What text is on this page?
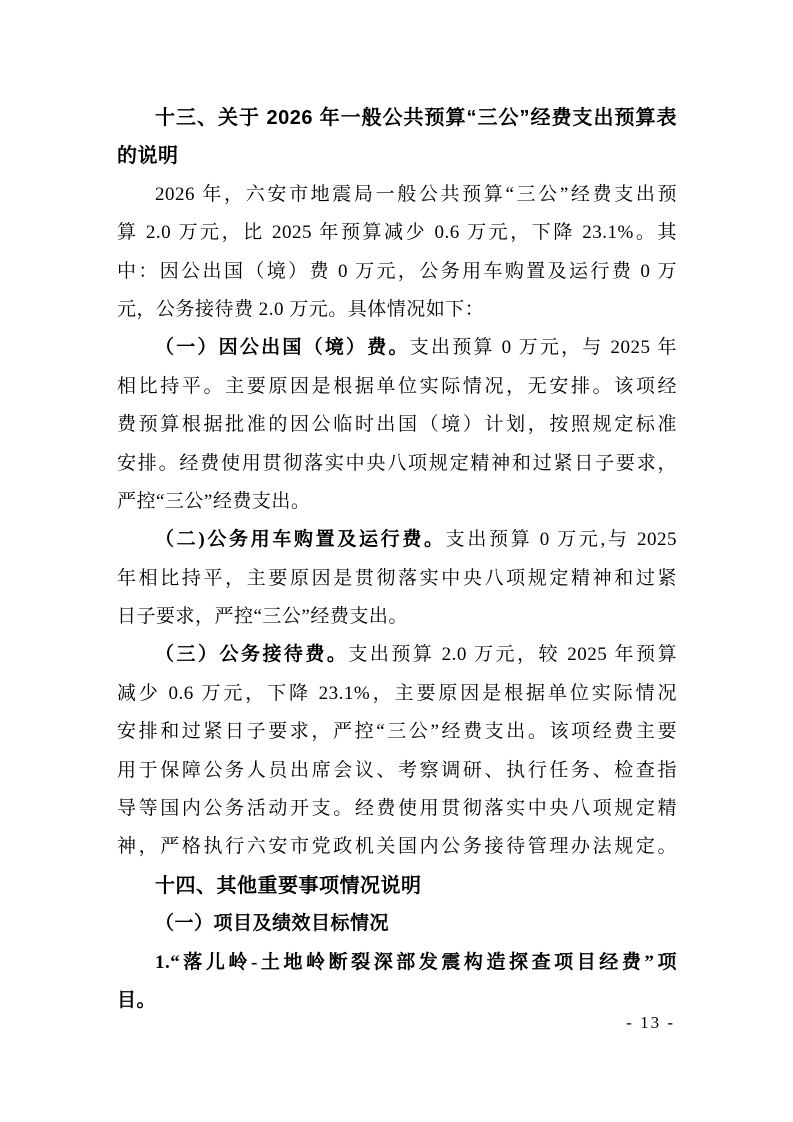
十三、关于 2026 年一般公共预算“三公”经费支出预算表
的说明
2026 年，六安市地震局一般公共预算“三公”经费支出预
算 2.0 万元，比 2025 年预算减少 0.6 万元，下降 23.1%。其
中：因公出国（境）费 0 万元，公务用车购置及运行费 0 万
元，公务接待费 2.0 万元。具体情况如下：
（一）因公出国（境）费。支出预算 0 万元，与 2025 年
相比持平。主要原因是根据单位实际情况，无安排。该项经
费预算根据批准的因公临时出国（境）计划，按照规定标准
安排。经费使用贯彻落实中央八项规定精神和过紧日子要求，
严控“三公”经费支出。
（二)公务用车购置及运行费。支出预算 0 万元,与 2025
年相比持平，主要原因是贯彻落实中央八项规定精神和过紧
日子要求，严控“三公”经费支出。
（三）公务接待费。支出预算 2.0 万元，较 2025 年预算
减少 0.6 万元，下降 23.1%，主要原因是根据单位实际情况
安排和过紧日子要求，严控“三公”经费支出。该项经费主要
用于保障公务人员出席会议、考察调研、执行任务、检查指
导等国内公务活动开支。经费使用贯彻落实中央八项规定精
神，严格执行六安市党政机关国内公务接待管理办法规定。
十四、其他重要事项情况说明
（一）项目及绩效目标情况
1.“落儿岭-土地岭断裂深部发震构造探查项目经费”项
目。
- 13 -
